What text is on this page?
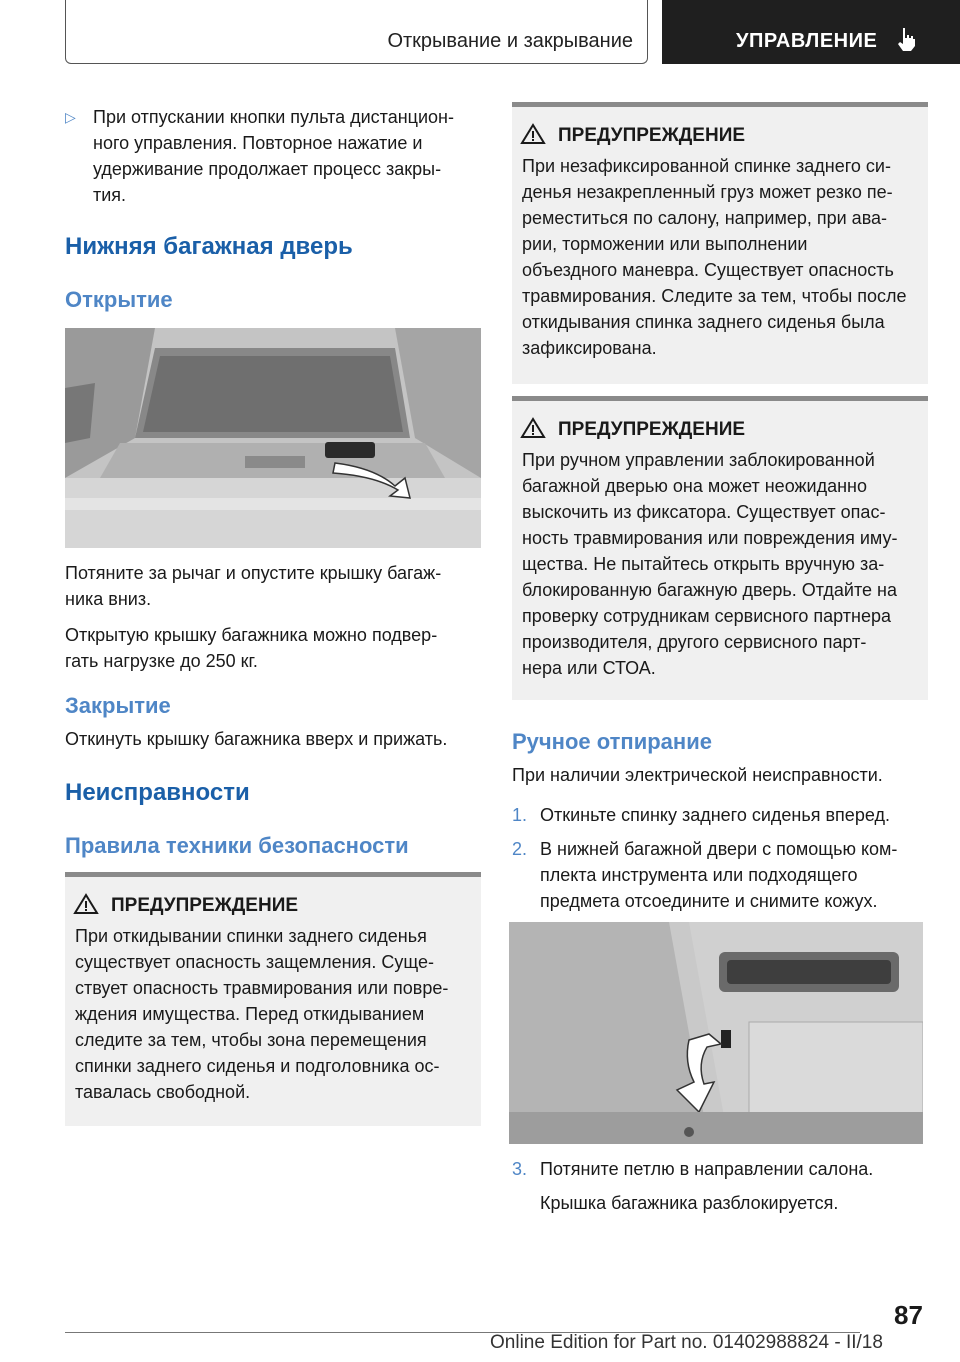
Открывание и закрывание	УПРАВЛЕНИЕ
▷ При отпускании кнопки пульта дистанцион-
ного управления. Повторное нажатие и
удерживание продолжает процесс закры-
тия.
Нижняя багажная дверь
Открытие
Потяните за рычаг и опустите крышку багаж-
ника вниз.
Открытую крышку багажника можно подвер-
гать нагрузке до 250 кг.
Закрытие
Откинуть крышку багажника вверх и прижать.
Неисправности
Правила техники безопасности
ПРЕДУПРЕЖДЕНИЕ
При откидывании спинки заднего сиденья
существует опасность защемления. Суще-
ствует опасность травмирования или повре-
ждения имущества. Перед откидыванием
следите за тем, чтобы зона перемещения
спинки заднего сиденья и подголовника ос-
тавалась свободной.
ПРЕДУПРЕЖДЕНИЕ
При незафиксированной спинке заднего си-
денья незакрепленный груз может резко пе-
реместиться по салону, например, при ава-
рии, торможении или выполнении
объездного маневра. Существует опасность
травмирования. Следите за тем, чтобы после
откидывания спинка заднего сиденья была
зафиксирована.
ПРЕДУПРЕЖДЕНИЕ
При ручном управлении заблокированной
багажной дверью она может неожиданно
выскочить из фиксатора. Существует опас-
ность травмирования или повреждения иму-
щества. Не пытайтесь открыть вручную за-
блокированную багажную дверь. Отдайте на
проверку сотрудникам сервисного партнера
производителя, другого сервисного парт-
нера или СТОА.
Ручное отпирание
При наличии электрической неисправности.
1. Откиньте спинку заднего сиденья вперед.
2. В нижней багажной двери с помощью ком-
плекта инструмента или подходящего
предмета отсоедините и снимите кожух.
3. Потяните петлю в направлении салона.
Крышка багажника разблокируется.
87
Online Edition for Part no. 01402988824 - II/18
